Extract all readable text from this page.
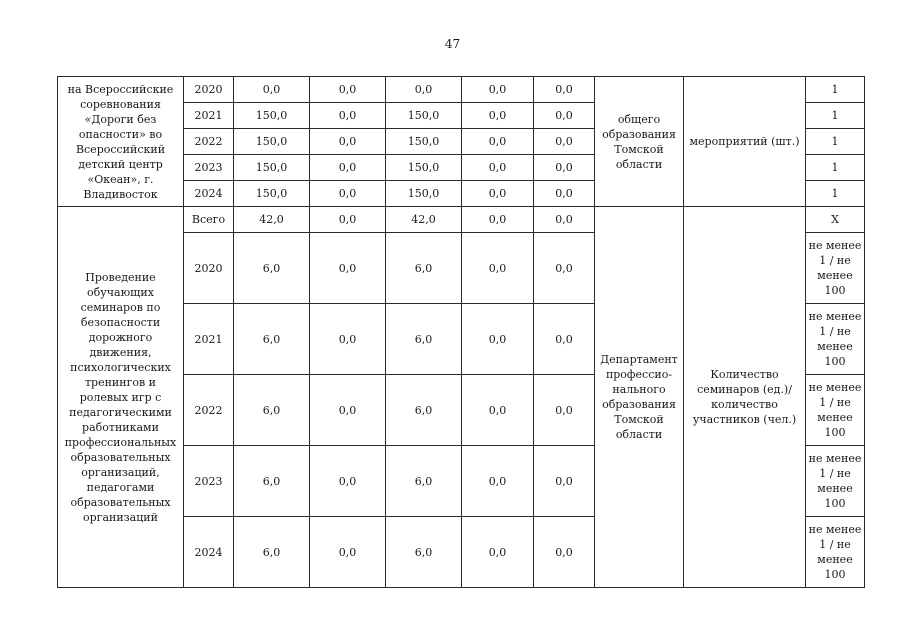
47
на Всероссийские соревнования «Дороги без опасности» во Всероссийский детский центр «Океан», г. Владивосток	2020	0,0	0,0	0,0	0,0	0,0	общего образования Томской области	мероприятий (шт.)	1
	2021	150,0	0,0	150,0	0,0	0,0			1
	2022	150,0	0,0	150,0	0,0	0,0			1
	2023	150,0	0,0	150,0	0,0	0,0			1
	2024	150,0	0,0	150,0	0,0	0,0			1
Проведение обучающих семинаров по безопасности дорожного движения, психологических тренингов и ролевых игр с педагогическими работниками профессиональных образовательных организаций, педагогами образовательных организаций	Всего	42,0	0,0	42,0	0,0	0,0	Департамент профессио-нального образования Томской области	Количество семинаров (ед.)/количество участников (чел.)	Х
	2020	6,0	0,0	6,0	0,0	0,0			не менее 1 / не менее 100
	2021	6,0	0,0	6,0	0,0	0,0			не менее 1 / не менее 100
	2022	6,0	0,0	6,0	0,0	0,0			не менее 1 / не менее 100
	2023	6,0	0,0	6,0	0,0	0,0			не менее 1 / не менее 100
	2024	6,0	0,0	6,0	0,0	0,0			не менее 1 / не менее 100
